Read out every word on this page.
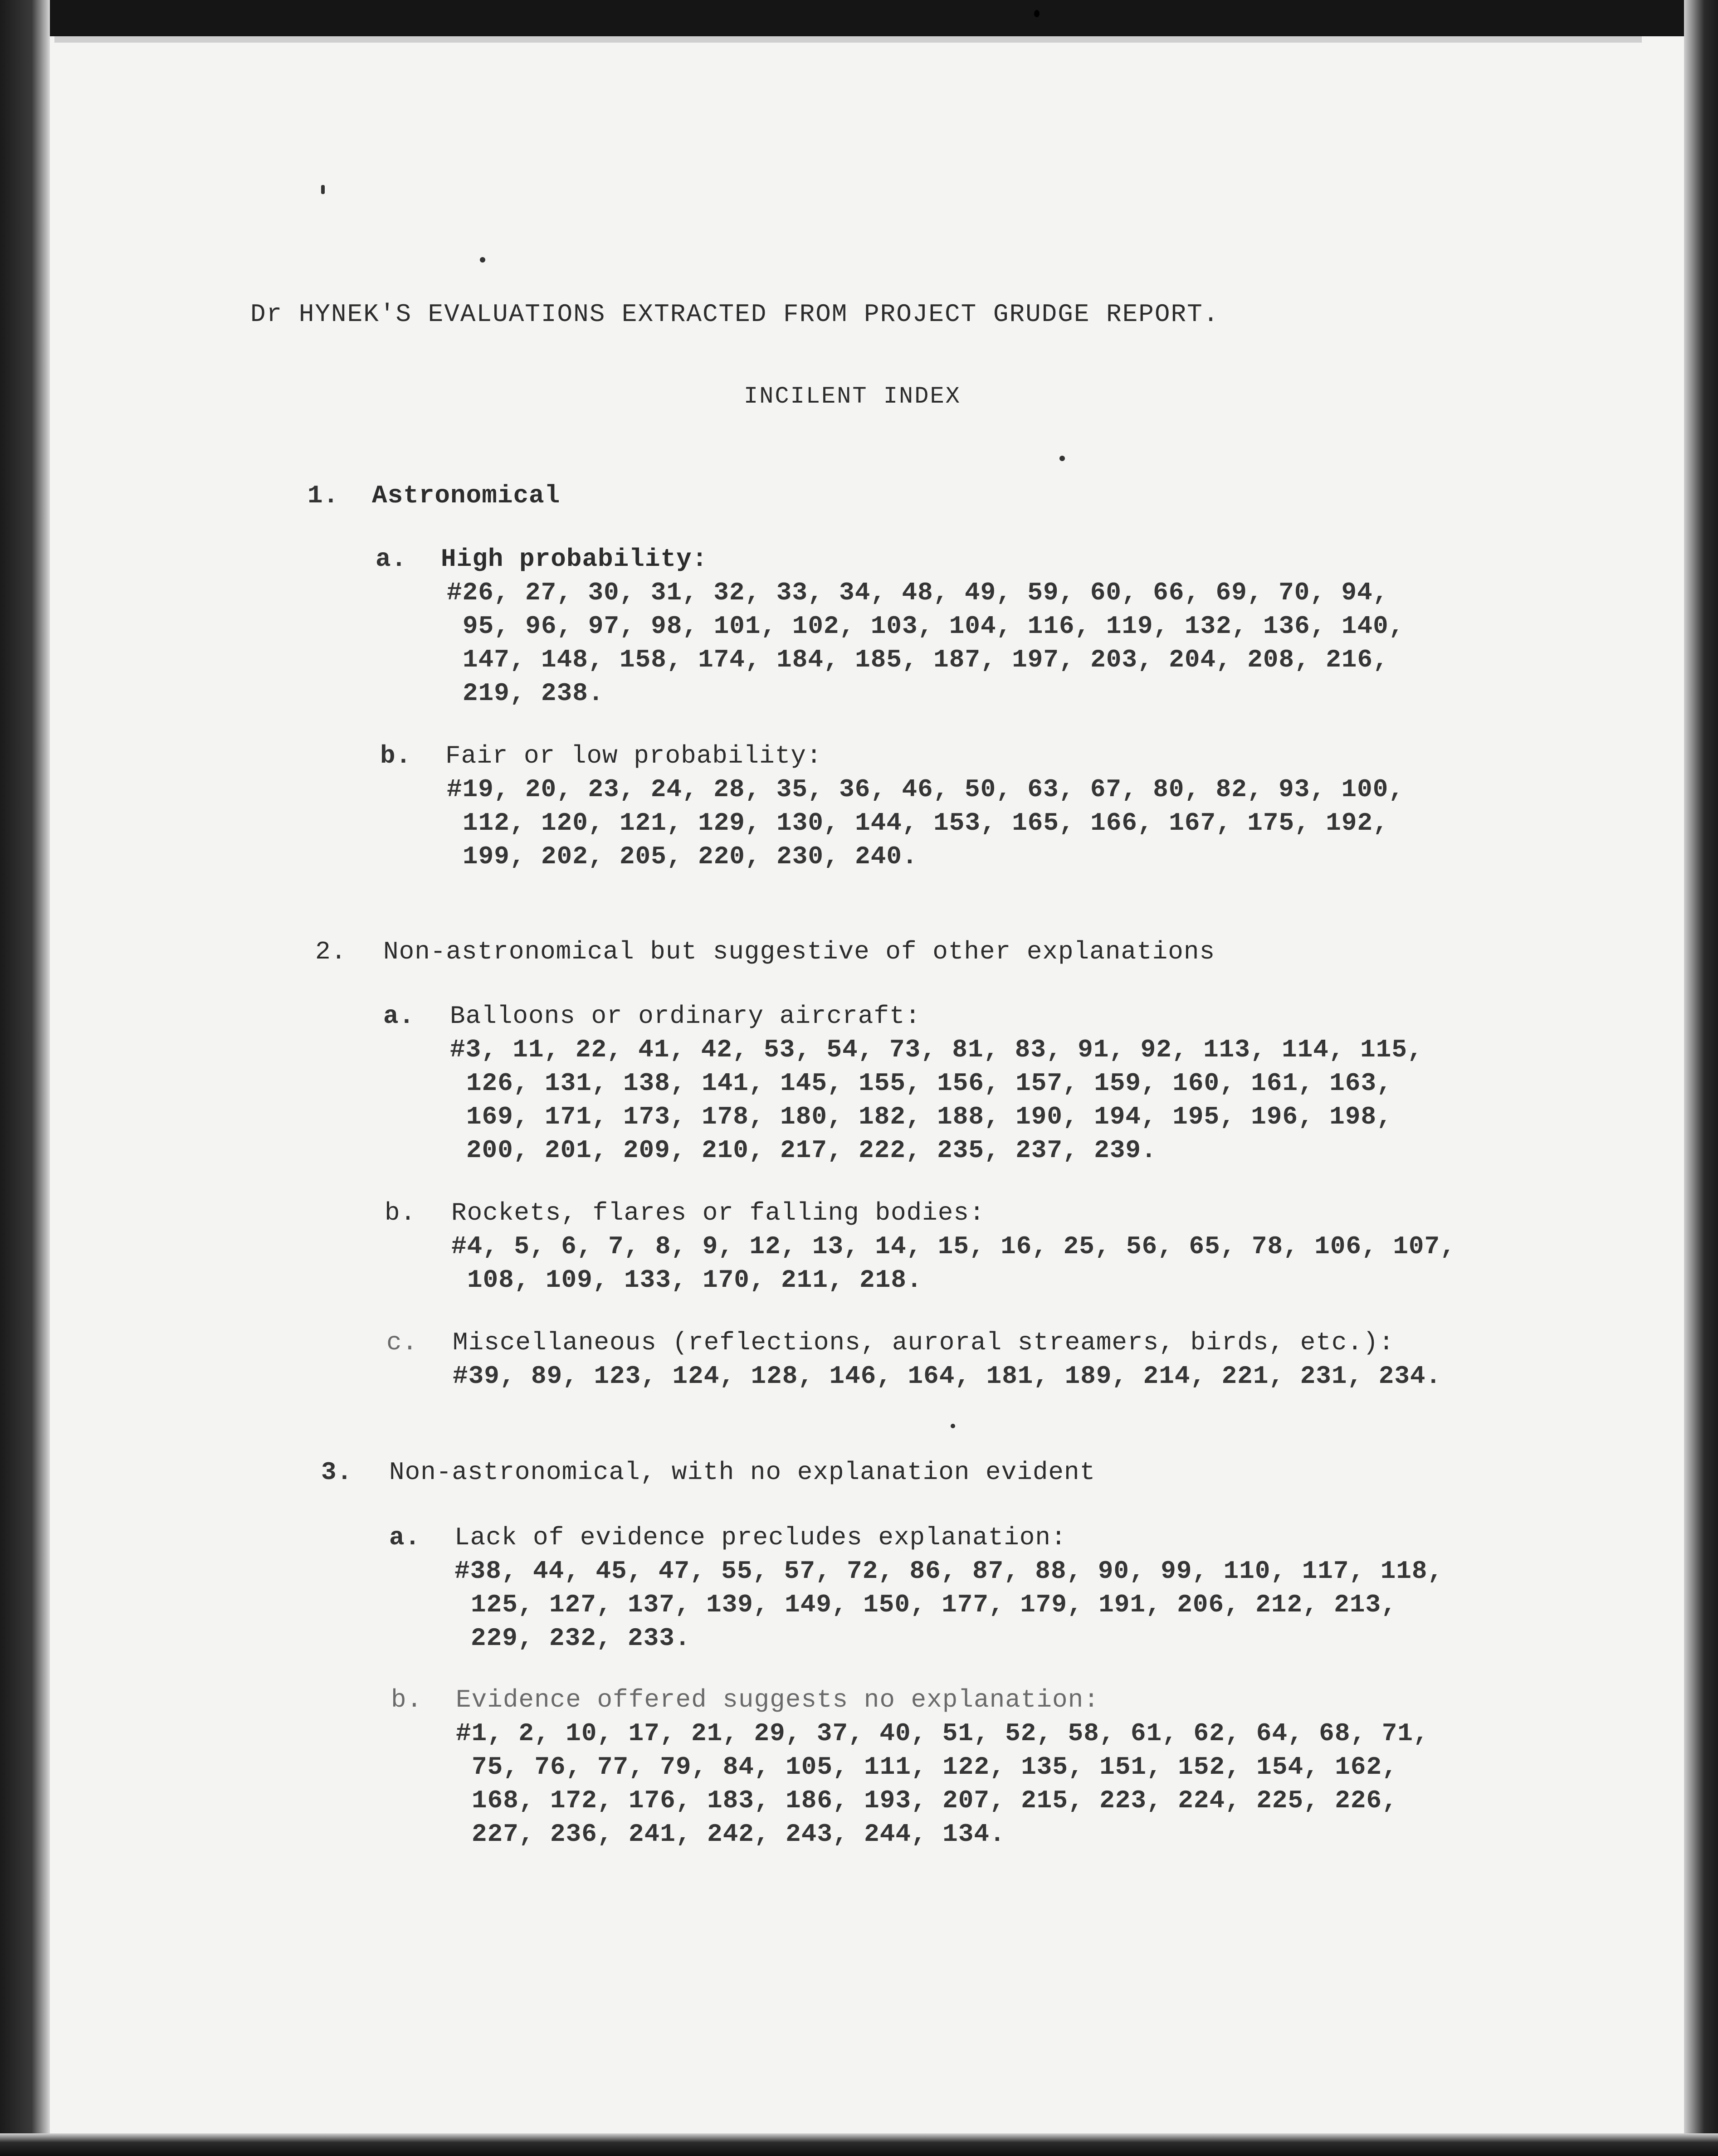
Dr HYNEK'S EVALUATIONS EXTRACTED FROM PROJECT GRUDGE REPORT.
INCILENT INDEX
1. Astronomical
a. High probability:
#26, 27, 30, 31, 32, 33, 34, 48, 49, 59, 60, 66, 69, 70, 94,
95, 96, 97, 98, 101, 102, 103, 104, 116, 119, 132, 136, 140,
147, 148, 158, 174, 184, 185, 187, 197, 203, 204, 208, 216,
219, 238.
b. Fair or low probability:
#19, 20, 23, 24, 28, 35, 36, 46, 50, 63, 67, 80, 82, 93, 100,
112, 120, 121, 129, 130, 144, 153, 165, 166, 167, 175, 192,
199, 202, 205, 220, 230, 240.
2. Non-astronomical but suggestive of other explanations
a. Balloons or ordinary aircraft:
#3, 11, 22, 41, 42, 53, 54, 73, 81, 83, 91, 92, 113, 114, 115,
126, 131, 138, 141, 145, 155, 156, 157, 159, 160, 161, 163,
169, 171, 173, 178, 180, 182, 188, 190, 194, 195, 196, 198,
200, 201, 209, 210, 217, 222, 235, 237, 239.
b. Rockets, flares or falling bodies:
#4, 5, 6, 7, 8, 9, 12, 13, 14, 15, 16, 25, 56, 65, 78, 106, 107,
108, 109, 133, 170, 211, 218.
c. Miscellaneous (reflections, auroral streamers, birds, etc.):
#39, 89, 123, 124, 128, 146, 164, 181, 189, 214, 221, 231, 234.
3. Non-astronomical, with no explanation evident
a. Lack of evidence precludes explanation:
#38, 44, 45, 47, 55, 57, 72, 86, 87, 88, 90, 99, 110, 117, 118,
125, 127, 137, 139, 149, 150, 177, 179, 191, 206, 212, 213,
229, 232, 233.
b. Evidence offered suggests no explanation:
#1, 2, 10, 17, 21, 29, 37, 40, 51, 52, 58, 61, 62, 64, 68, 71,
75, 76, 77, 79, 84, 105, 111, 122, 135, 151, 152, 154, 162,
168, 172, 176, 183, 186, 193, 207, 215, 223, 224, 225, 226,
227, 236, 241, 242, 243, 244, 134.
